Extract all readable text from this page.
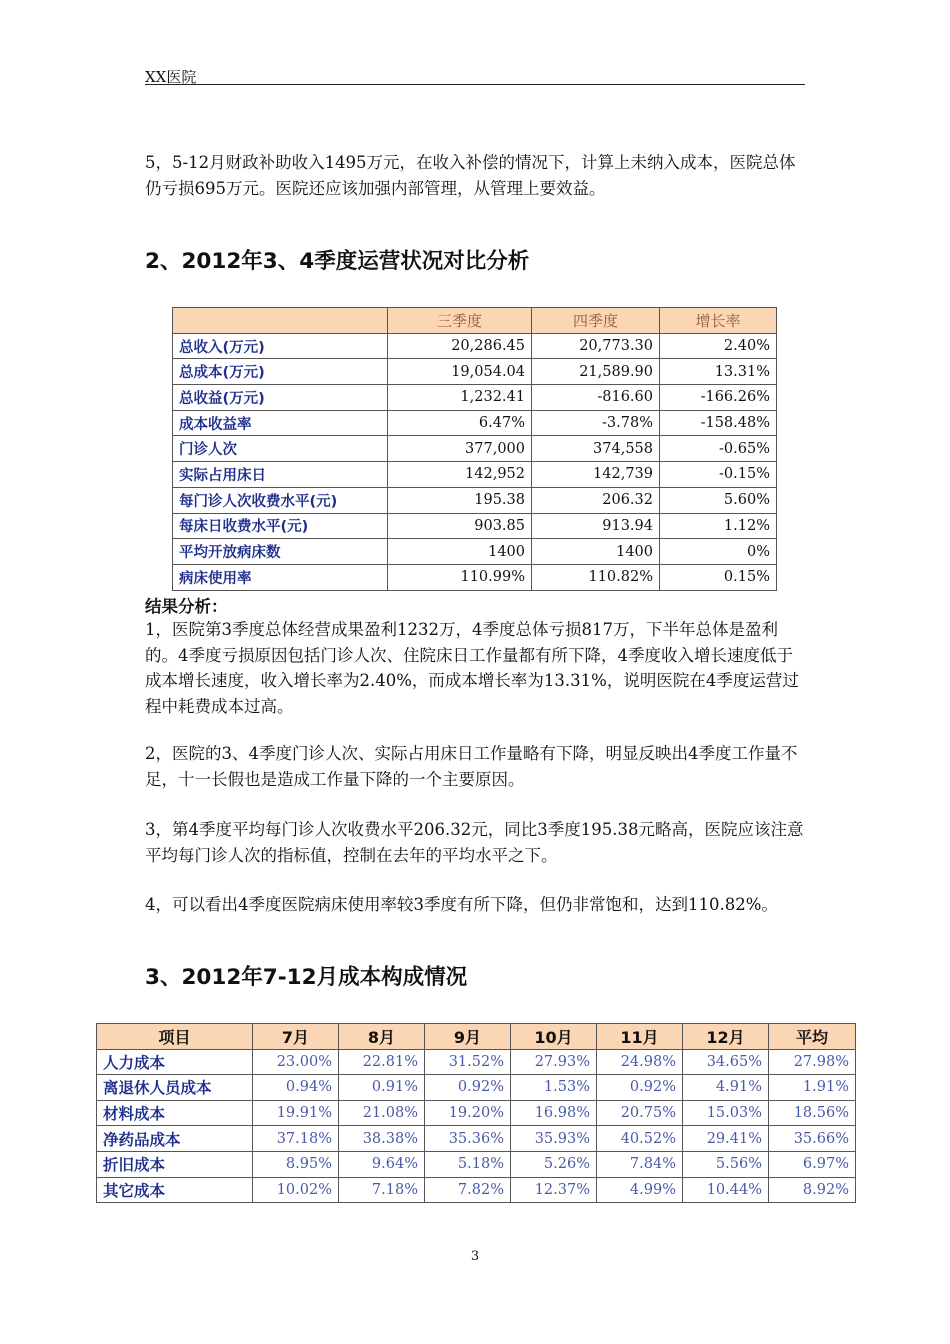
XX医院

5，5-12月财政补助收入1495万元，在收入补偿的情况下，计算上未纳入成本，医院总体仍亏损695万元。医院还应该加强内部管理，从管理上要效益。

2、2012年3、4季度运营状况对比分析
	三季度	四季度	增长率
总收入(万元)	20,286.45	20,773.30	2.40%
总成本(万元)	19,054.04	21,589.90	13.31%
总收益(万元)	1,232.41	-816.60	-166.26%
成本收益率	6.47%	-3.78%	-158.48%
门诊人次	377,000	374,558	-0.65%
实际占用床日	142,952	142,739	-0.15%
每门诊人次收费水平(元)	195.38	206.32	5.60%
每床日收费水平(元)	903.85	913.94	1.12%
平均开放病床数	1400	1400	0%
病床使用率	110.99%	110.82%	0.15%
结果分析：

1，医院第3季度总体经营成果盈利1232万，4季度总体亏损817万，下半年总体是盈利的。4季度亏损原因包括门诊人次、住院床日工作量都有所下降，4季度收入增长速度低于成本增长速度，收入增长率为2.40%，而成本增长率为13.31%，说明医院在4季度运营过程中耗费成本过高。

2，医院的3、4季度门诊人次、实际占用床日工作量略有下降，明显反映出4季度工作量不足，十一长假也是造成工作量下降的一个主要原因。

3，第4季度平均每门诊人次收费水平206.32元，同比3季度195.38元略高，医院应该注意平均每门诊人次的指标值，控制在去年的平均水平之下。

4，可以看出4季度医院病床使用率较3季度有所下降，但仍非常饱和，达到110.82%。

3、2012年7-12月成本构成情况
项目	7月	8月	9月	10月	11月	12月	平均
人力成本	23.00%	22.81%	31.52%	27.93%	24.98%	34.65%	27.98%
离退休人员成本	0.94%	0.91%	0.92%	1.53%	0.92%	4.91%	1.91%
材料成本	19.91%	21.08%	19.20%	16.98%	20.75%	15.03%	18.56%
净药品成本	37.18%	38.38%	35.36%	35.93%	40.52%	29.41%	35.66%
折旧成本	8.95%	9.64%	5.18%	5.26%	7.84%	5.56%	6.97%
其它成本	10.02%	7.18%	7.82%	12.37%	4.99%	10.44%	8.92%
3
